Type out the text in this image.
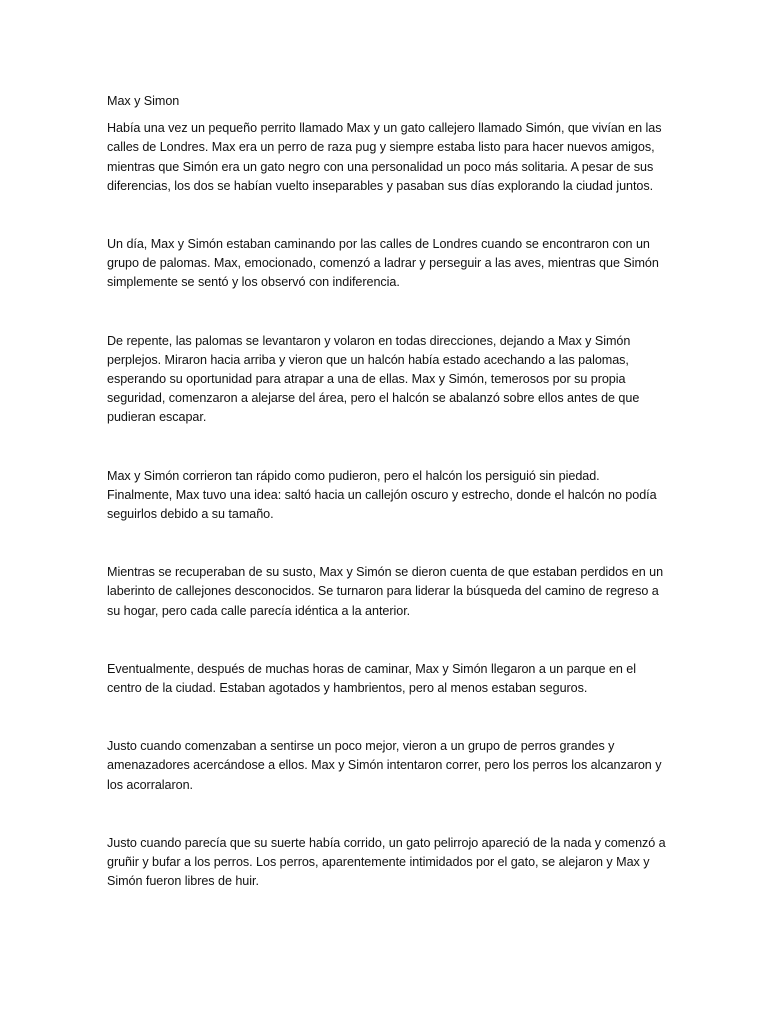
Max y Simon

Había una vez un pequeño perrito llamado Max y un gato callejero llamado Simón, que vivían en las calles de Londres. Max era un perro de raza pug y siempre estaba listo para hacer nuevos amigos, mientras que Simón era un gato negro con una personalidad un poco más solitaria. A pesar de sus diferencias, los dos se habían vuelto inseparables y pasaban sus días explorando la ciudad juntos.

Un día, Max y Simón estaban caminando por las calles de Londres cuando se encontraron con un grupo de palomas. Max, emocionado, comenzó a ladrar y perseguir a las aves, mientras que Simón simplemente se sentó y los observó con indiferencia.

De repente, las palomas se levantaron y volaron en todas direcciones, dejando a Max y Simón perplejos. Miraron hacia arriba y vieron que un halcón había estado acechando a las palomas, esperando su oportunidad para atrapar a una de ellas. Max y Simón, temerosos por su propia seguridad, comenzaron a alejarse del área, pero el halcón se abalanzó sobre ellos antes de que pudieran escapar.

Max y Simón corrieron tan rápido como pudieron, pero el halcón los persiguió sin piedad. Finalmente, Max tuvo una idea: saltó hacia un callejón oscuro y estrecho, donde el halcón no podía seguirlos debido a su tamaño.

Mientras se recuperaban de su susto, Max y Simón se dieron cuenta de que estaban perdidos en un laberinto de callejones desconocidos. Se turnaron para liderar la búsqueda del camino de regreso a su hogar, pero cada calle parecía idéntica a la anterior.

Eventualmente, después de muchas horas de caminar, Max y Simón llegaron a un parque en el centro de la ciudad. Estaban agotados y hambrientos, pero al menos estaban seguros.

Justo cuando comenzaban a sentirse un poco mejor, vieron a un grupo de perros grandes y amenazadores acercándose a ellos. Max y Simón intentaron correr, pero los perros los alcanzaron y los acorralaron.

Justo cuando parecía que su suerte había corrido, un gato pelirrojo apareció de la nada y comenzó a gruñir y bufar a los perros. Los perros, aparentemente intimidados por el gato, se alejaron y Max y Simón fueron libres de huir.
